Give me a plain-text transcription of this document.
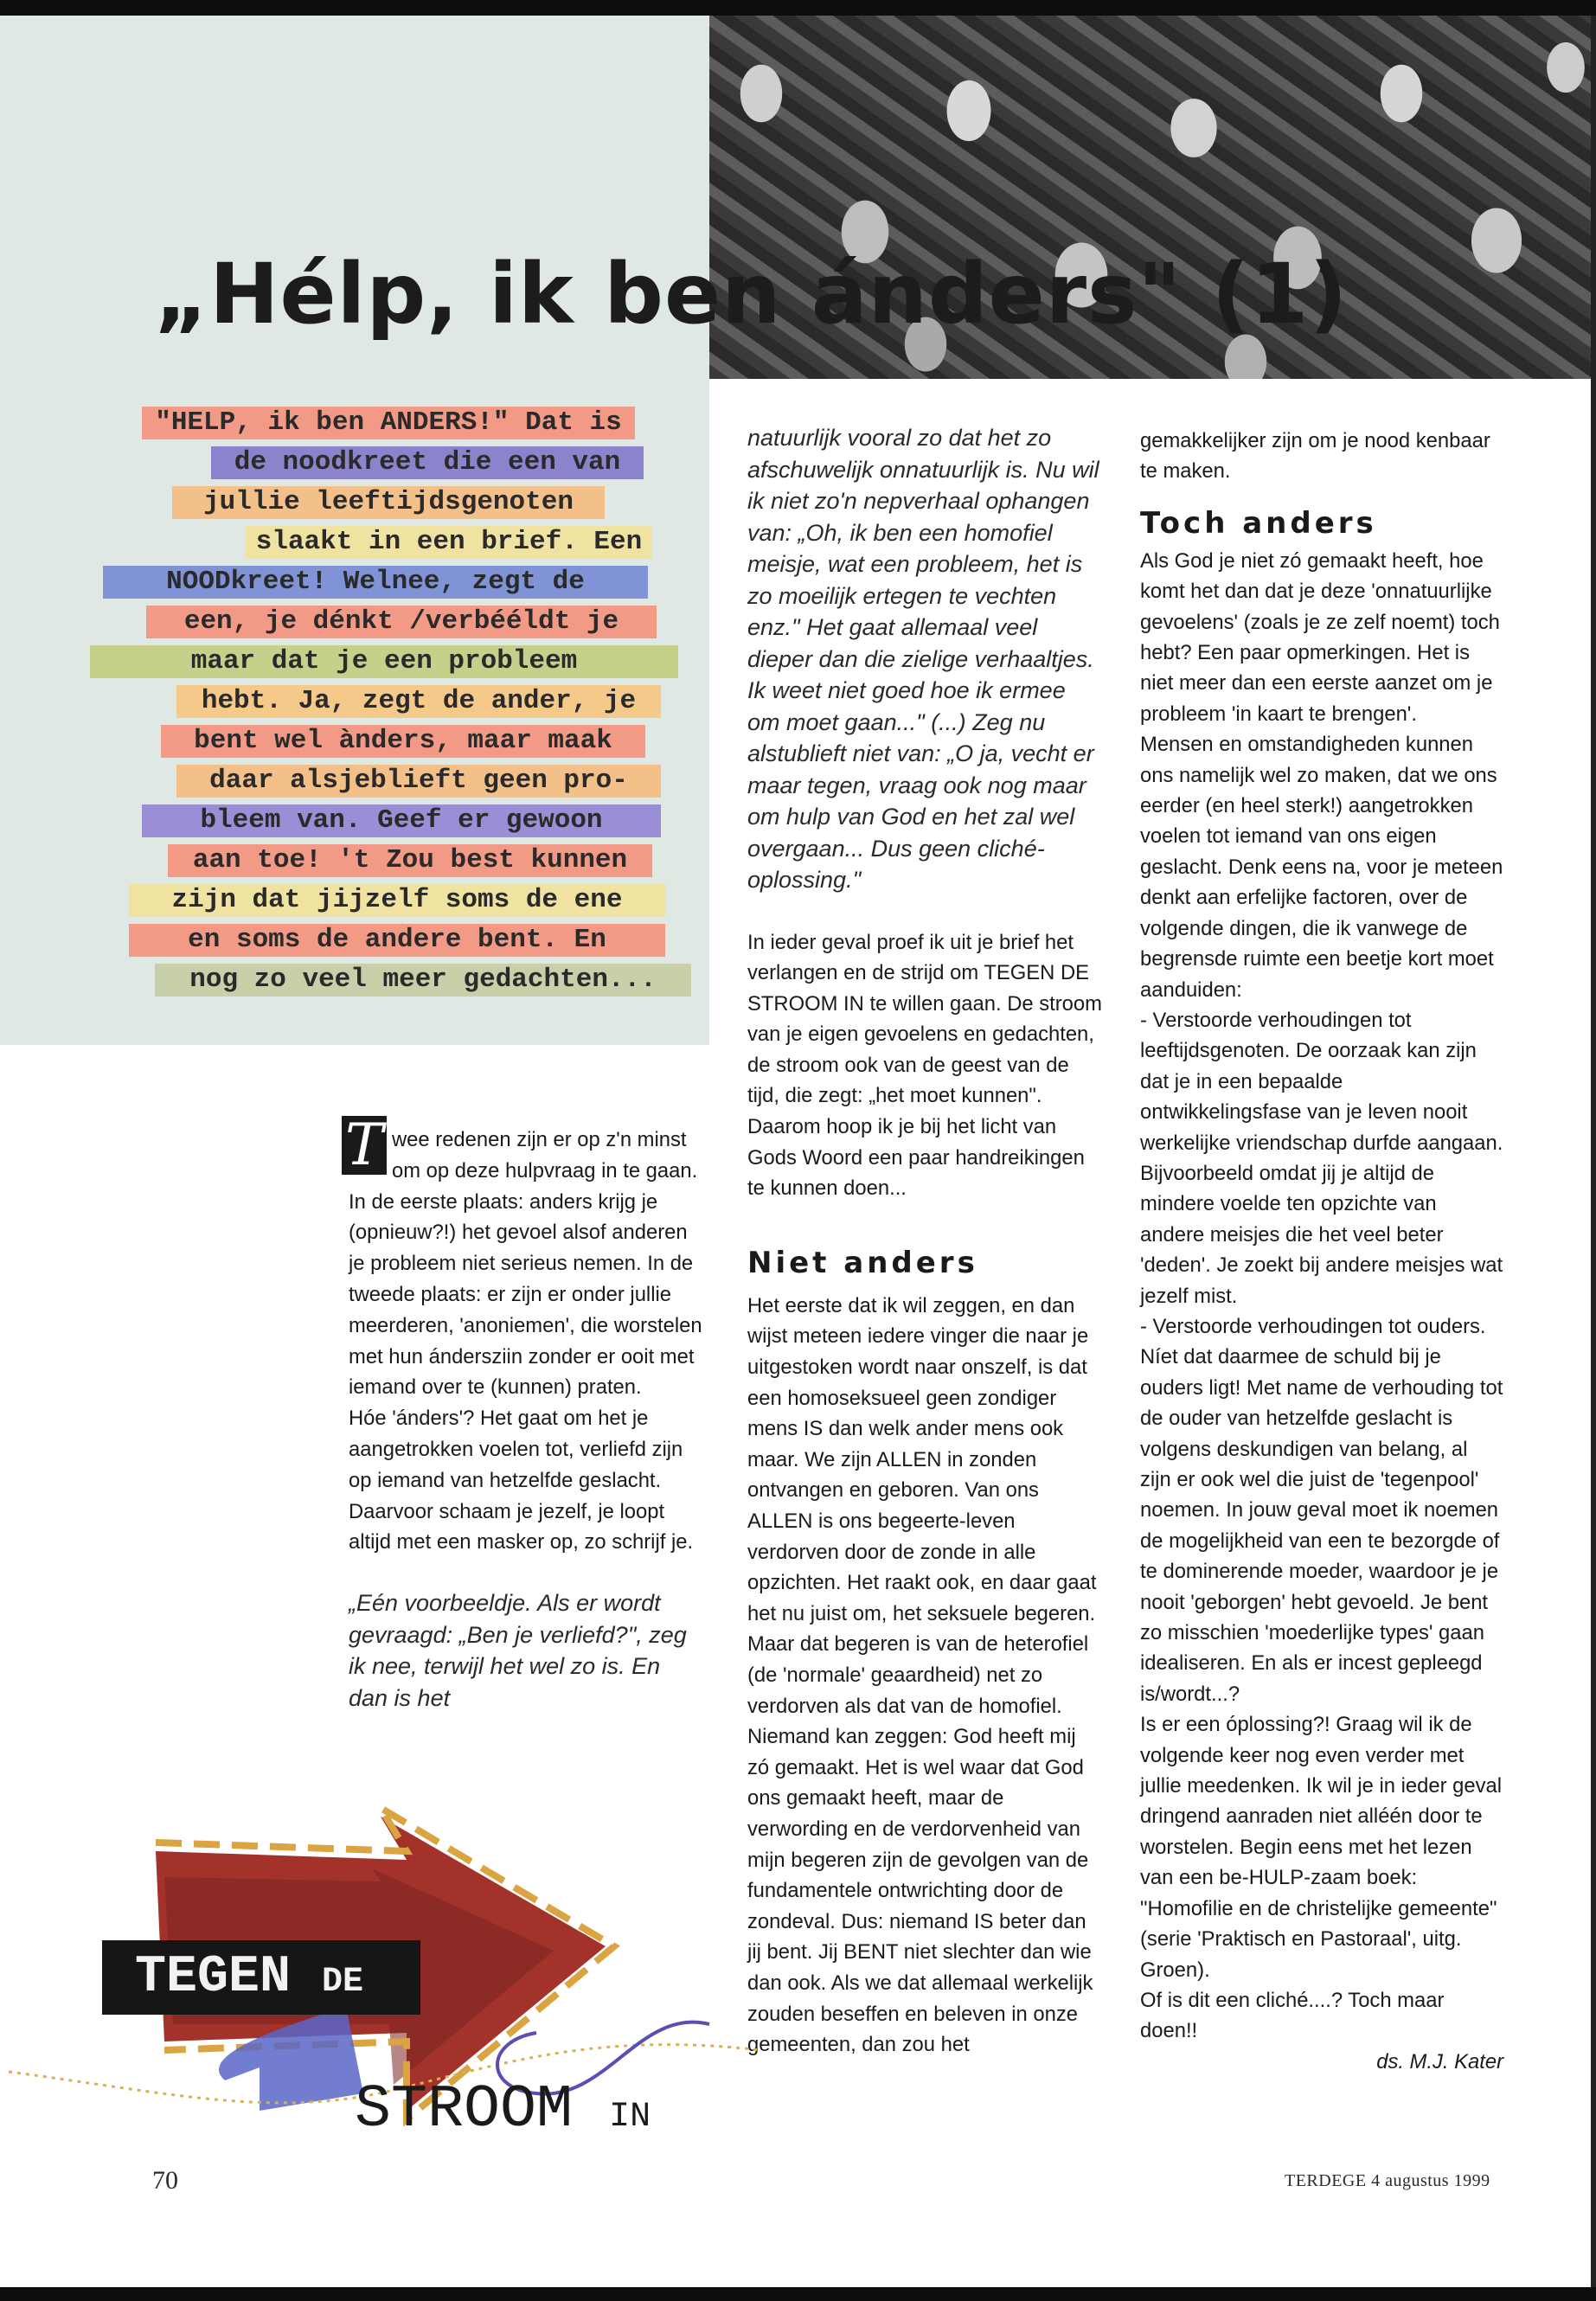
„Hélp, ik ben ánders" (1)
"HELP, ik ben ANDERS!" Dat is
de noodkreet die een van
jullie leeftijdsgenoten
slaakt in een brief. Een
NOODkreet! Welnee, zegt de
een, je dénkt /verbééldt je
maar dat je een probleem
hebt. Ja, zegt de ander, je
bent wel ànders, maar maak
daar alsjeblieft geen pro-
bleem van. Geef er gewoon
aan toe! 't Zou best kunnen
zijn dat jijzelf soms de ene
en soms de andere bent. En
nog zo veel meer gedachten...

T wee redenen zijn er op z'n minst om op deze hulpvraag in te gaan. In de eerste plaats: anders krijg je (opnieuw?!) het gevoel alsof anderen je probleem niet serieus nemen. In de tweede plaats: er zijn er onder jullie meerderen, 'anoniemen', die worstelen met hun ándersziin zonder er ooit met iemand over te (kunnen) praten.

Hóe 'ánders'? Het gaat om het je aangetrokken voelen tot, verliefd zijn op iemand van hetzelfde geslacht. Daarvoor schaam je jezelf, je loopt altijd met een masker op, zo schrijf je.

„Eén voorbeeldje. Als er wordt gevraagd: „Ben je verliefd?", zeg ik nee, terwijl het wel zo is. En dan is het

natuurlijk vooral zo dat het zo afschuwelijk onnatuurlijk is. Nu wil ik niet zo'n nepverhaal ophangen van: „Oh, ik ben een homofiel meisje, wat een probleem, het is zo moeilijk ertegen te vechten enz." Het gaat allemaal veel dieper dan die zielige verhaaltjes. Ik weet niet goed hoe ik ermee om moet gaan..." (...) Zeg nu alstublieft niet van: „O ja, vecht er maar tegen, vraag ook nog maar om hulp van God en het zal wel overgaan... Dus geen cliché-oplossing."

In ieder geval proef ik uit je brief het verlangen en de strijd om TEGEN DE STROOM IN te willen gaan. De stroom van je eigen gevoelens en gedachten, de stroom ook van de geest van de tijd, die zegt: „het moet kunnen". Daarom hoop ik je bij het licht van Gods Woord een paar handreikingen te kunnen doen...

Niet anders

Het eerste dat ik wil zeggen, en dan wijst meteen iedere vinger die naar je uitgestoken wordt naar onszelf, is dat een homoseksueel geen zondiger mens IS dan welk ander mens ook maar. We zijn ALLEN in zonden ontvangen en geboren. Van ons ALLEN is ons begeerte-leven verdorven door de zonde in alle opzichten. Het raakt ook, en daar gaat het nu juist om, het seksuele begeren. Maar dat begeren is van de heterofiel (de 'normale' geaardheid) net zo verdorven als dat van de homofiel. Niemand kan zeggen: God heeft mij zó gemaakt. Het is wel waar dat God ons gemaakt heeft, maar de verwording en de verdorvenheid van mijn begeren zijn de gevolgen van de fundamentele ontwrichting door de zondeval. Dus: niemand IS beter dan jij bent. Jij BENT niet slechter dan wie dan ook. Als we dat allemaal werkelijk zouden beseffen en beleven in onze gemeenten, dan zou het

gemakkelijker zijn om je nood kenbaar te maken.

Toch anders

Als God je niet zó gemaakt heeft, hoe komt het dan dat je deze 'onnatuurlijke gevoelens' (zoals je ze zelf noemt) toch hebt? Een paar opmerkingen. Het is niet meer dan een eerste aanzet om je probleem 'in kaart te brengen'.

Mensen en omstandigheden kunnen ons namelijk wel zo maken, dat we ons eerder (en heel sterk!) aangetrokken voelen tot iemand van ons eigen geslacht. Denk eens na, voor je meteen denkt aan erfelijke factoren, over de volgende dingen, die ik vanwege de begrensde ruimte een beetje kort moet aanduiden:

- Verstoorde verhoudingen tot leeftijdsgenoten. De oorzaak kan zijn dat je in een bepaalde ontwikkelingsfase van je leven nooit werkelijke vriendschap durfde aangaan. Bijvoorbeeld omdat jij je altijd de mindere voelde ten opzichte van andere meisjes die het veel beter 'deden'. Je zoekt bij andere meisjes wat jezelf mist.

- Verstoorde verhoudingen tot ouders. Níet dat daarmee de schuld bij je ouders ligt! Met name de verhouding tot de ouder van hetzelfde geslacht is volgens deskundigen van belang, al zijn er ook wel die juist de 'tegenpool' noemen. In jouw geval moet ik noemen de mogelijkheid van een te bezorgde of te dominerende moeder, waardoor je je nooit 'geborgen' hebt gevoeld. Je bent zo misschien 'moederlijke types' gaan idealiseren. En als er incest gepleegd is/wordt...?

Is er een óplossing?! Graag wil ik de volgende keer nog even verder met jullie meedenken. Ik wil je in ieder geval dringend aanraden niet alléén door te worstelen. Begin eens met het lezen van een be-HULP-zaam boek: "Homofilie en de christelijke gemeente" (serie 'Praktisch en Pastoraal', uitg. Groen).

Of is dit een cliché....? Toch maar doen!!

ds. M.J. Kater

TEGEN DE
STROOM IN
70	TERDEGE 4 augustus 1999
